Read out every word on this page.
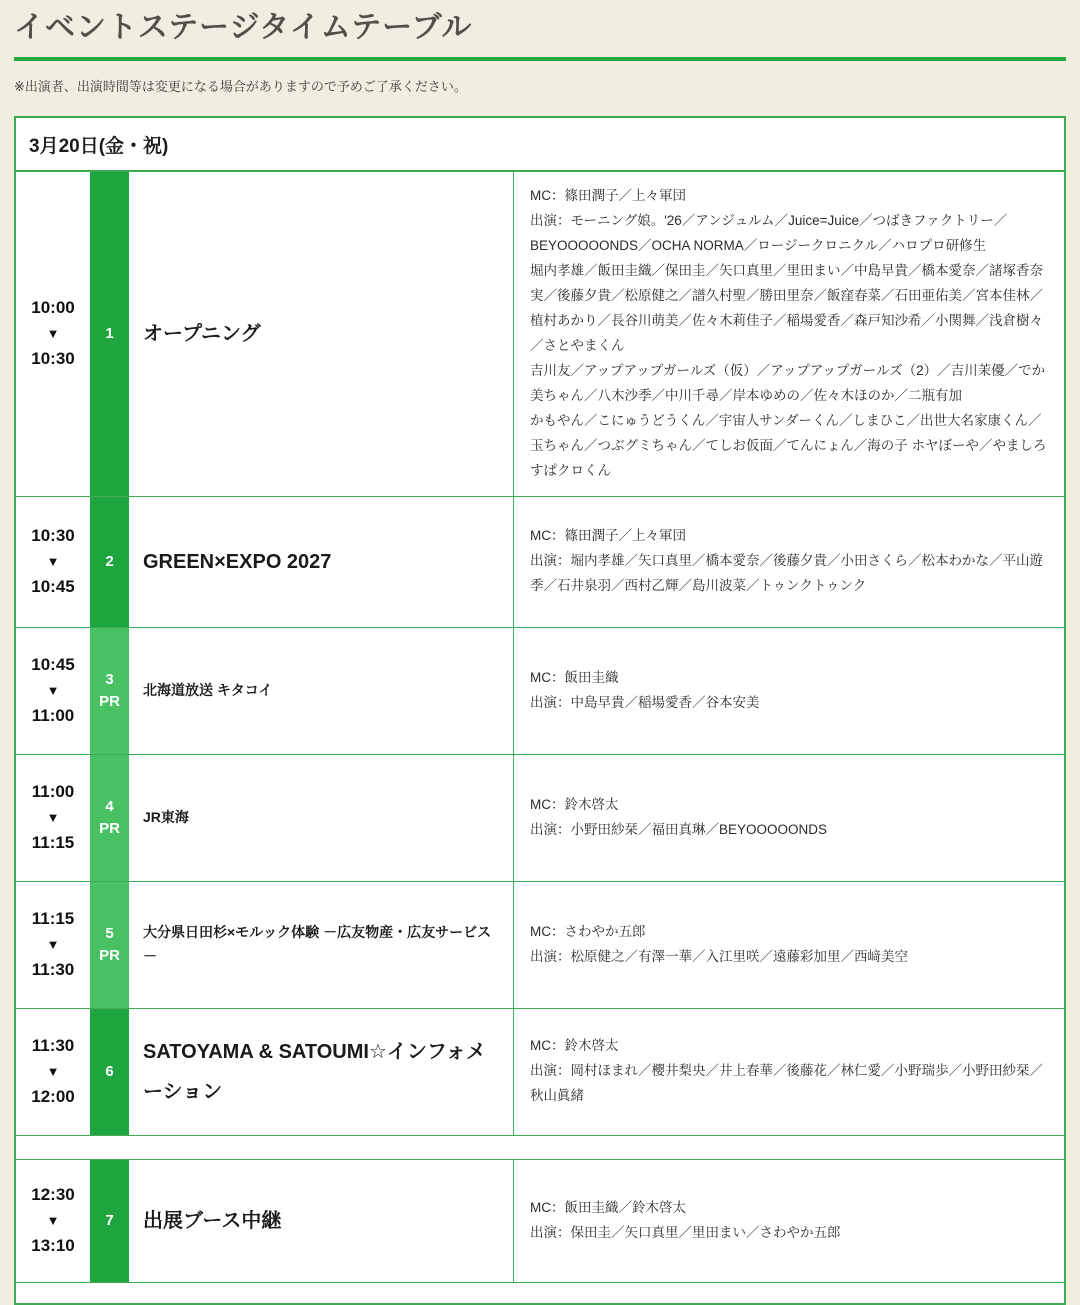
イベントステージタイムテーブル
※出演者、出演時間等は変更になる場合がありますので予めご了承ください。
3月20日(金・祝)
10:00
▼
10:30
1 オープニング
MC：篠田潤子／上々軍団
出演：モーニング娘。'26／アンジュルム／Juice=Juice／つばきファクトリー／BEYOOOOONDS／OCHA NORMA／ロージークロニクル／ハロプロ研修生
堀内孝雄／飯田圭織／保田圭／矢口真里／里田まい／中島早貴／橋本愛奈／諸塚香奈実／後藤夕貴／松原健之／譜久村聖／勝田里奈／飯窪春菜／石田亜佑美／宮本佳林／植村あかり／長谷川萌美／佐々木莉佳子／稲場愛香／森戸知沙希／小関舞／浅倉樹々／さとやまくん
吉川友／アップアップガールズ（仮）／アップアップガールズ（2）／吉川茉優／でか美ちゃん／八木沙季／中川千尋／岸本ゆめの／佐々木ほのか／二瓶有加
かもやん／こにゅうどうくん／宇宙人サンダーくん／しまひこ／出世大名家康くん／玉ちゃん／つぶグミちゃん／てしお仮面／てんにょん／海の子 ホヤぼーや／やましろすぱクロくん
10:30
▼
10:45
2 GREEN×EXPO 2027
MC：篠田潤子／上々軍団
出演：堀内孝雄／矢口真里／橋本愛奈／後藤夕貴／小田さくら／松本わかな／平山遊季／石井泉羽／西村乙輝／島川波菜／トゥンクトゥンク
10:45
▼
11:00
3
PR
北海道放送 キタコイ
MC：飯田圭織
出演：中島早貴／稲場愛香／谷本安美
11:00
▼
11:15
4
PR
JR東海
MC：鈴木啓太
出演：小野田紗栞／福田真琳／BEYOOOOONDS
11:15
▼
11:30
5
PR
大分県日田杉×モルック体験 －広友物産・広友サービス－
MC：さわやか五郎
出演：松原健之／有澤一華／入江里咲／遠藤彩加里／西﨑美空
11:30
▼
12:00
6
SATOYAMA & SATOUMI☆インフォメーション
MC：鈴木啓太
出演：岡村ほまれ／櫻井梨央／井上春華／後藤花／林仁愛／小野瑞歩／小野田紗栞／秋山眞緒
12:30
▼
13:10
7 出展ブース中継
MC：飯田圭織／鈴木啓太
出演：保田圭／矢口真里／里田まい／さわやか五郎
